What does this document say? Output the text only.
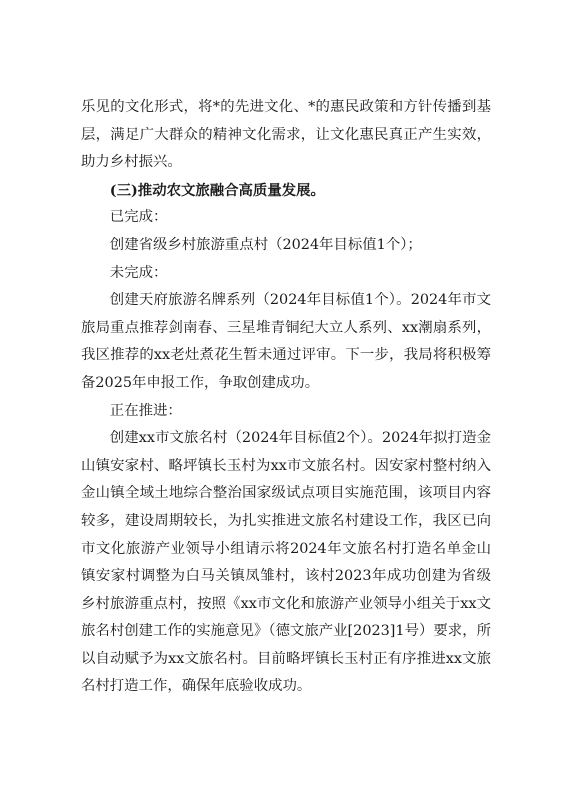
乐见的文化形式，将*的先进文化、*的惠民政策和方针传播到基层，满足广大群众的精神文化需求，让文化惠民真正产生实效，助力乡村振兴。

(三)推动农文旅融合高质量发展。

已完成：

创建省级乡村旅游重点村（2024年目标值1个）；

未完成：

创建天府旅游名牌系列（2024年目标值1个）。2024年市文旅局重点推荐剑南春、三星堆青铜纪大立人系列、xx潮扇系列，我区推荐的xx老灶煮花生暂未通过评审。下一步，我局将积极筹备2025年申报工作，争取创建成功。

正在推进：

创建xx市文旅名村（2024年目标值2个）。2024年拟打造金山镇安家村、略坪镇长玉村为xx市文旅名村。因安家村整村纳入金山镇全域土地综合整治国家级试点项目实施范围，该项目内容较多，建设周期较长，为扎实推进文旅名村建设工作，我区已向市文化旅游产业领导小组请示将2024年文旅名村打造名单金山镇安家村调整为白马关镇凤雏村，该村2023年成功创建为省级乡村旅游重点村，按照《xx市文化和旅游产业领导小组关于xx文旅名村创建工作的实施意见》（德文旅产业[2023]1号）要求，所以自动赋予为xx文旅名村。目前略坪镇长玉村正有序推进xx文旅名村打造工作，确保年底验收成功。
